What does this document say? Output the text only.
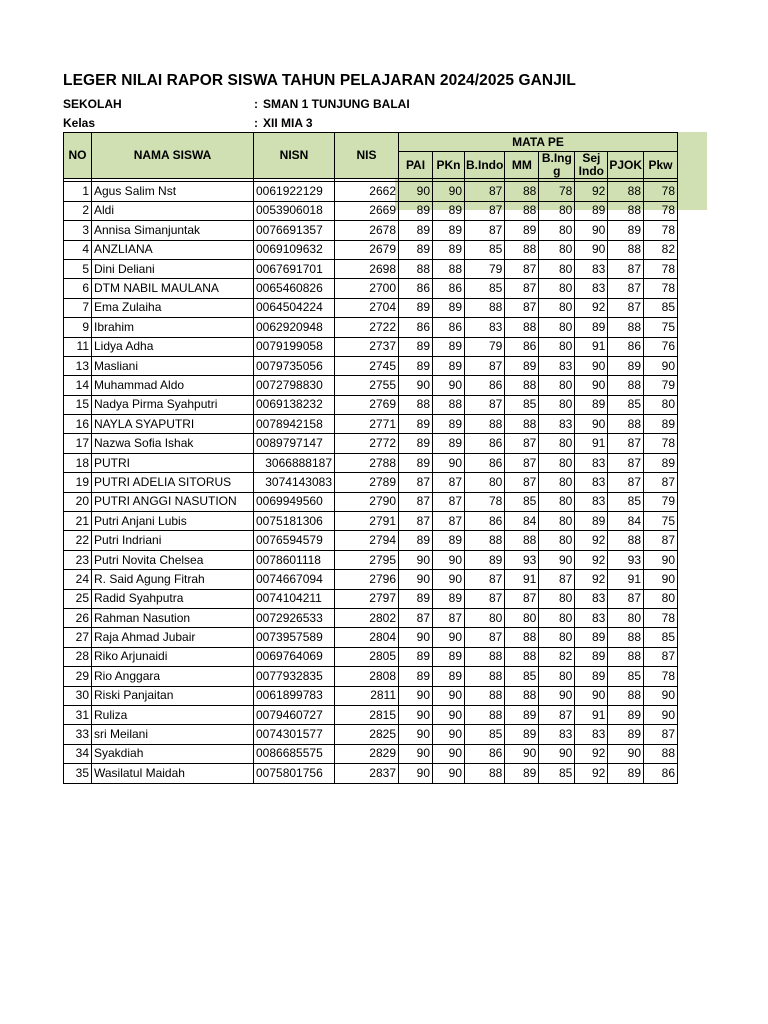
LEGER NILAI RAPOR SISWA TAHUN PELAJARAN 2024/2025 GANJIL
SEKOLAH	: SMAN 1 TUNJUNG BALAI
Kelas	: XII MIA 3
NO	NAMA SISWA	NISN	NIS	MATA PE							
				PAI	PKn	B.Indo	MM	B.Ing g	Sej Indo	PJOK	Pkw

1	Agus Salim Nst	0061922129	2662	90	90	87	88	78	92	88	78
2	Aldi	0053906018	2669	89	89	87	88	80	89	88	78
3	Annisa Simanjuntak	0076691357	2678	89	89	87	89	80	90	89	78
4	ANZLIANA	0069109632	2679	89	89	85	88	80	90	88	82
5	Dini Deliani	0067691701	2698	88	88	79	87	80	83	87	78
6	DTM NABIL MAULANA	0065460826	2700	86	86	85	87	80	83	87	78
7	Ema Zulaiha	0064504224	2704	89	89	88	87	80	92	87	85
9	Ibrahim	0062920948	2722	86	86	83	88	80	89	88	75
11	Lidya Adha	0079199058	2737	89	89	79	86	80	91	86	76
13	Masliani	0079735056	2745	89	89	87	89	83	90	89	90
14	Muhammad Aldo	0072798830	2755	90	90	86	88	80	90	88	79
15	Nadya Pirma Syahputri	0069138232	2769	88	88	87	85	80	89	85	80
16	NAYLA SYAPUTRI	0078942158	2771	89	89	88	88	83	90	88	89
17	Nazwa Sofia Ishak	0089797147	2772	89	89	86	87	80	91	87	78
18	PUTRI	3066888187	2788	89	90	86	87	80	83	87	89
19	PUTRI ADELIA SITORUS	3074143083	2789	87	87	80	87	80	83	87	87
20	PUTRI ANGGI NASUTION	0069949560	2790	87	87	78	85	80	83	85	79
21	Putri Anjani Lubis	0075181306	2791	87	87	86	84	80	89	84	75
22	Putri Indriani	0076594579	2794	89	89	88	88	80	92	88	87
23	Putri Novita Chelsea	0078601118	2795	90	90	89	93	90	92	93	90
24	R. Said Agung Fitrah	0074667094	2796	90	90	87	91	87	92	91	90
25	Radid Syahputra	0074104211	2797	89	89	87	87	80	83	87	80
26	Rahman Nasution	0072926533	2802	87	87	80	80	80	83	80	78
27	Raja Ahmad Jubair	0073957589	2804	90	90	87	88	80	89	88	85
28	Riko Arjunaidi	0069764069	2805	89	89	88	88	82	89	88	87
29	Rio Anggara	0077932835	2808	89	89	88	85	80	89	85	78
30	Riski Panjaitan	0061899783	2811	90	90	88	88	90	90	88	90
31	Ruliza	0079460727	2815	90	90	88	89	87	91	89	90
33	sri Meilani	0074301577	2825	90	90	85	89	83	83	89	87
34	Syakdiah	0086685575	2829	90	90	86	90	90	92	90	88
35	Wasilatul Maidah	0075801756	2837	90	90	88	89	85	92	89	86
